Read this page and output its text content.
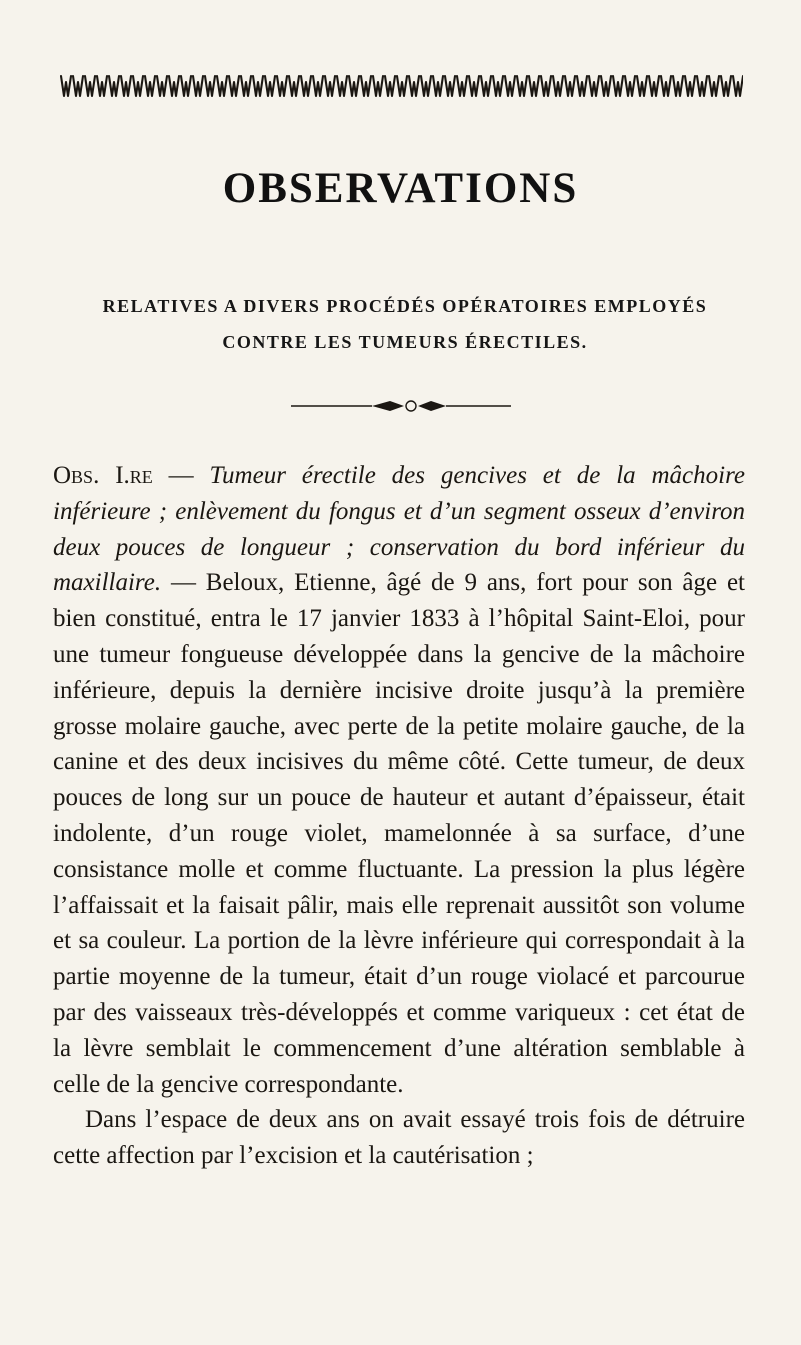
OBSERVATIONS
RELATIVES A DIVERS PROCÉDÉS OPÉRATOIRES EMPLOYÉS CONTRE LES TUMEURS ÉRECTILES.

Obs. I.re — Tumeur érectile des gencives et de la mâchoire inférieure ; enlèvement du fongus et d’un segment osseux d’environ deux pouces de longueur ; conservation du bord inférieur du maxillaire. — Beloux, Etienne, âgé de 9 ans, fort pour son âge et bien constitué, entra le 17 janvier 1833 à l’hôpital Saint-Eloi, pour une tumeur fongueuse développée dans la gencive de la mâchoire inférieure, depuis la dernière incisive droite jusqu’à la première grosse molaire gauche, avec perte de la petite molaire gauche, de la canine et des deux incisives du même côté. Cette tumeur, de deux pouces de long sur un pouce de hauteur et autant d’épaisseur, était indolente, d’un rouge violet, mamelonnée à sa surface, d’une consistance molle et comme fluctuante. La pression la plus légère l’affaissait et la faisait pâlir, mais elle reprenait aussitôt son volume et sa couleur. La portion de la lèvre inférieure qui correspondait à la partie moyenne de la tumeur, était d’un rouge violacé et parcourue par des vaisseaux très-développés et comme variqueux : cet état de la lèvre semblait le commencement d’une altération semblable à celle de la gencive correspondante.

Dans l’espace de deux ans on avait essayé trois fois de détruire cette affection par l’excision et la cautérisation ;
